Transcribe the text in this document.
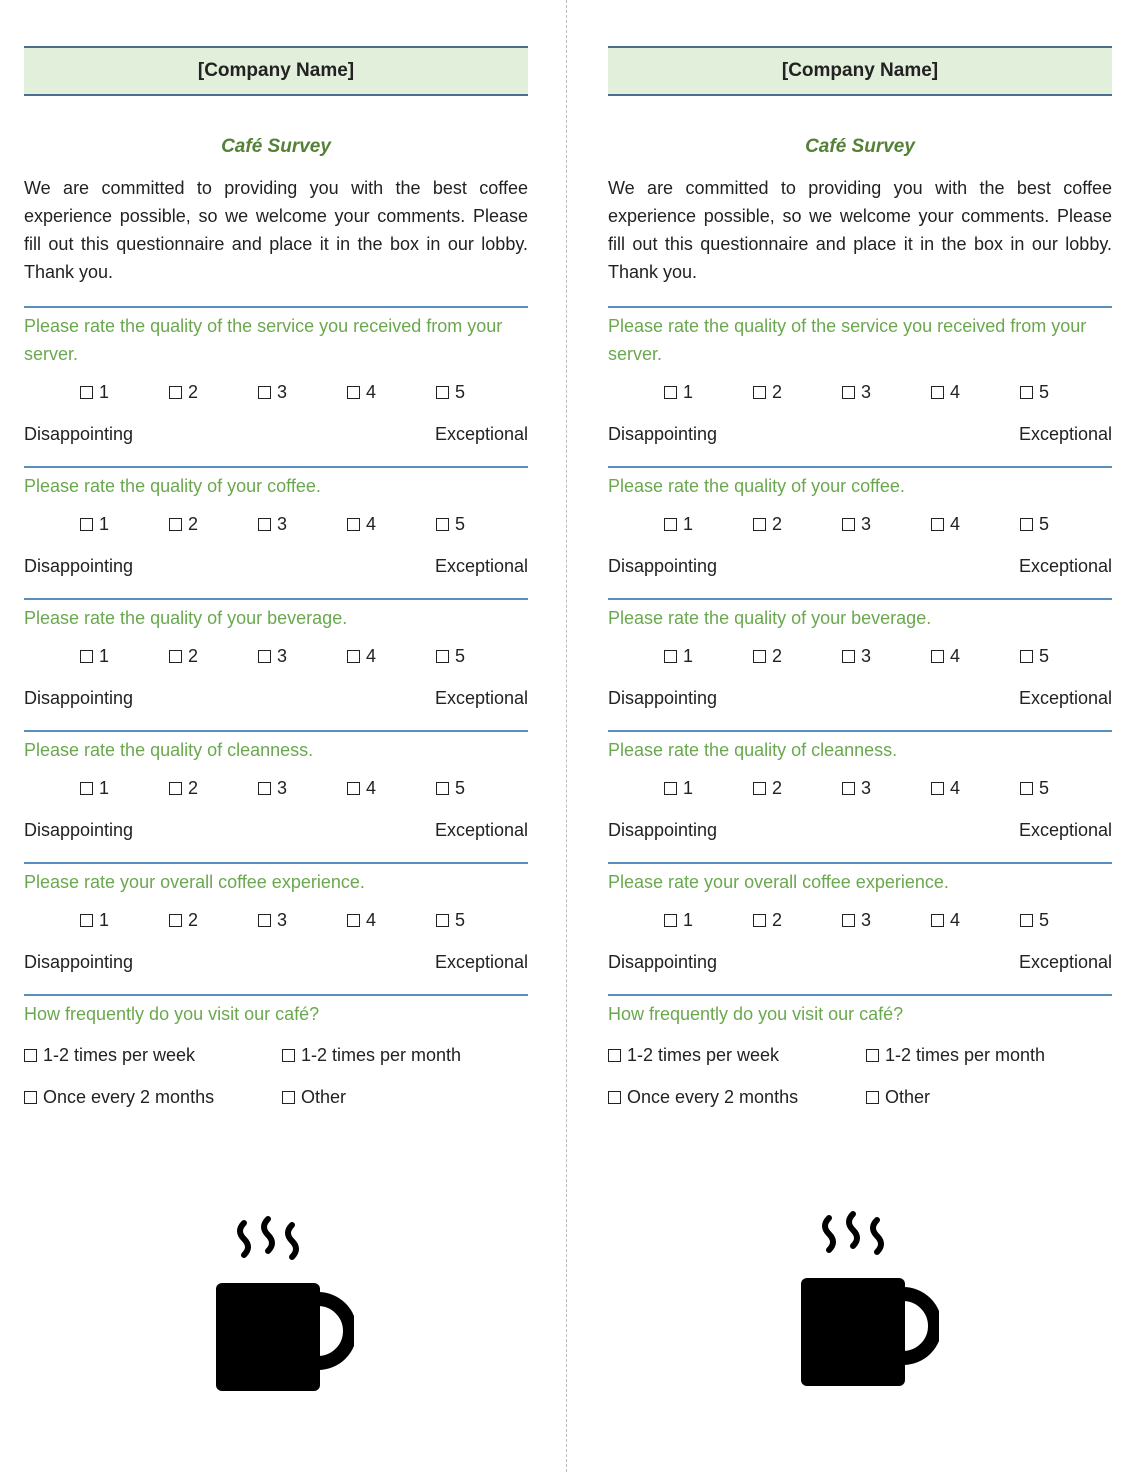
[Company Name]
Café Survey
We are committed to providing you with the best coffee experience possible, so we welcome your comments. Please fill out this questionnaire and place it in the box in our lobby. Thank you.
Please rate the quality of the service you received from your server.
1	2	3	4	5
Disappointing	Exceptional
Please rate the quality of your coffee.
1	2	3	4	5
Disappointing	Exceptional
Please rate the quality of your beverage.
1	2	3	4	5
Disappointing	Exceptional
Please rate the quality of cleanness.
1	2	3	4	5
Disappointing	Exceptional
Please rate your overall coffee experience.
1	2	3	4	5
Disappointing	Exceptional
How frequently do you visit our café?
1-2 times per week	1-2 times per month
Once every 2 months	Other
[Company Name]
Café Survey
We are committed to providing you with the best coffee experience possible, so we welcome your comments. Please fill out this questionnaire and place it in the box in our lobby. Thank you.
Please rate the quality of the service you received from your server.
1	2	3	4	5
Disappointing	Exceptional
Please rate the quality of your coffee.
1	2	3	4	5
Disappointing	Exceptional
Please rate the quality of your beverage.
1	2	3	4	5
Disappointing	Exceptional
Please rate the quality of cleanness.
1	2	3	4	5
Disappointing	Exceptional
Please rate your overall coffee experience.
1	2	3	4	5
Disappointing	Exceptional
How frequently do you visit our café?
1-2 times per week	1-2 times per month
Once every 2 months	Other
